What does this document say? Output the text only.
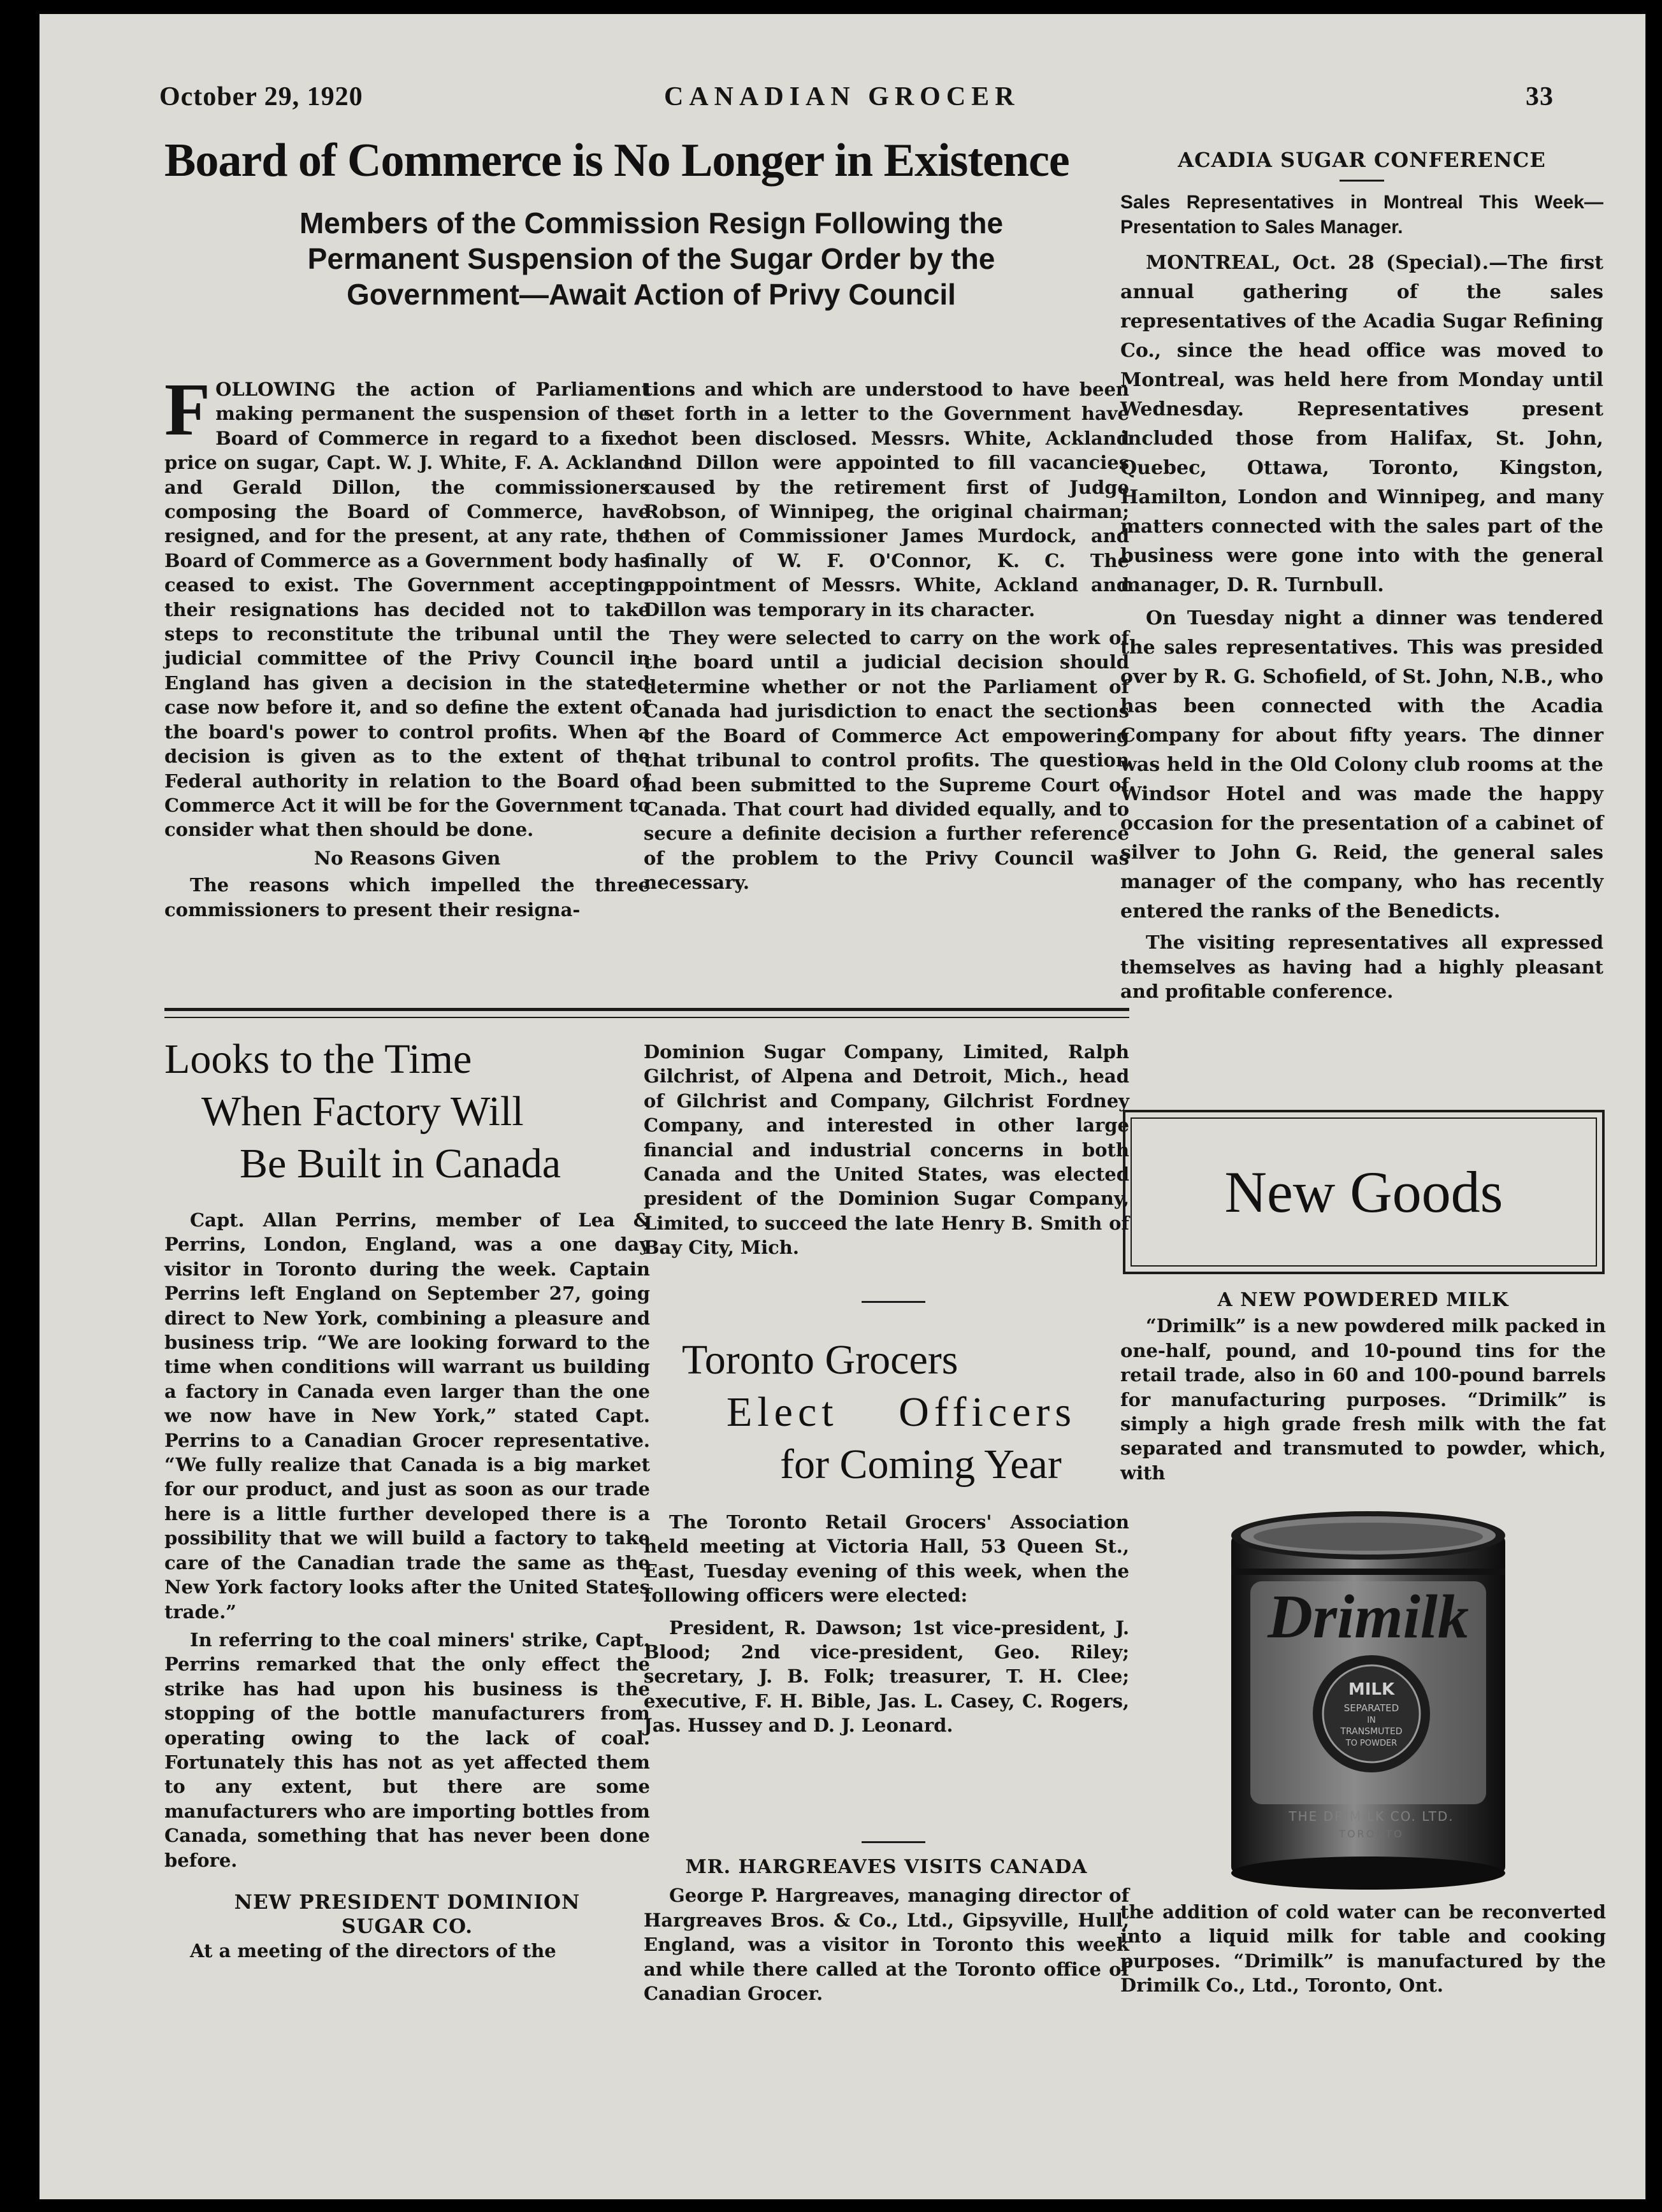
October 29, 1920	CANADIAN GROCER	33
Board of Commerce is No Longer in Existence
Members of the Commission Resign Following the Permanent Suspension of the Sugar Order by the Government—Await Action of Privy Council

FOLLOWING the action of Parliament making permanent the suspension of the Board of Commerce in regard to a fixed price on sugar, Capt. W. J. White, F. A. Ackland and Gerald Dillon, the commissioners composing the Board of Commerce, have resigned, and for the present, at any rate, the Board of Commerce as a Government body has ceased to exist. The Government accepting their resignations has decided not to take steps to reconstitute the tribunal until the judicial committee of the Privy Council in England has given a decision in the stated case now before it, and so define the extent of the board's power to control profits. When a decision is given as to the extent of the Federal authority in relation to the Board of Commerce Act it will be for the Government to consider what then should be done.

No Reasons Given

The reasons which impelled the three commissioners to present their resigna-

tions and which are understood to have been set forth in a letter to the Government have not been disclosed. Messrs. White, Ackland and Dillon were appointed to fill vacancies caused by the retirement first of Judge Robson, of Winnipeg, the original chairman; then of Commissioner James Murdock, and finally of W. F. O'Connor, K. C. The appointment of Messrs. White, Ackland and Dillon was temporary in its character.

They were selected to carry on the work of the board until a judicial decision should determine whether or not the Parliament of Canada had jurisdiction to enact the sections of the Board of Commerce Act empowering that tribunal to control profits. The question had been submitted to the Supreme Court of Canada. That court had divided equally, and to secure a definite decision a further reference of the problem to the Privy Council was necessary.

ACADIA SUGAR CONFERENCE

Sales Representatives in Montreal This Week—Presentation to Sales Manager.

MONTREAL, Oct. 28 (Special).—The first annual gathering of the sales representatives of the Acadia Sugar Refining Co., since the head office was moved to Montreal, was held here from Monday until Wednesday. Representatives present included those from Halifax, St. John, Quebec, Ottawa, Toronto, Kingston, Hamilton, London and Winnipeg, and many matters connected with the sales part of the business were gone into with the general manager, D. R. Turnbull.

On Tuesday night a dinner was tendered the sales representatives. This was presided over by R. G. Schofield, of St. John, N.B., who has been connected with the Acadia Company for about fifty years. The dinner was held in the Old Colony club rooms at the Windsor Hotel and was made the happy occasion for the presentation of a cabinet of silver to John G. Reid, the general sales manager of the company, who has recently entered the ranks of the Benedicts.

The visiting representatives all expressed themselves as having had a highly pleasant and profitable conference.

New Goods
A NEW POWDERED MILK

“Drimilk” is a new powdered milk packed in one-half, pound, and 10-pound tins for the retail trade, also in 60 and 100-pound barrels for manufacturing purposes. “Drimilk” is simply a high grade fresh milk with the fat separated and transmuted to powder, which, with

Drimilk
MILK
SEPARATED
IN
TRANSMUTED
TO POWDER
THE DRIMILK CO. LTD.
TORONTO

the addition of cold water can be reconverted into a liquid milk for table and cooking purposes. “Drimilk” is manufactured by the Drimilk Co., Ltd., Toronto, Ont.

Looks to the Time
When Factory Will
Be Built in Canada

Capt. Allan Perrins, member of Lea & Perrins, London, England, was a one day visitor in Toronto during the week. Captain Perrins left England on September 27, going direct to New York, combining a pleasure and business trip. “We are looking forward to the time when conditions will warrant us building a factory in Canada even larger than the one we now have in New York,” stated Capt. Perrins to a Canadian Grocer representative. “We fully realize that Canada is a big market for our product, and just as soon as our trade here is a little further developed there is a possibility that we will build a factory to take care of the Canadian trade the same as the New York factory looks after the United States trade.”

In referring to the coal miners' strike, Capt. Perrins remarked that the only effect the strike has had upon his business is the stopping of the bottle manufacturers from operating owing to the lack of coal. Fortunately this has not as yet affected them to any extent, but there are some manufacturers who are importing bottles from Canada, something that has never been done before.

NEW PRESIDENT DOMINION SUGAR CO.

At a meeting of the directors of the

Dominion Sugar Company, Limited, Ralph Gilchrist, of Alpena and Detroit, Mich., head of Gilchrist and Company, Gilchrist Fordney Company, and interested in other large financial and industrial concerns in both Canada and the United States, was elected president of the Dominion Sugar Company, Limited, to succeed the late Henry B. Smith of Bay City, Mich.

Toronto Grocers
Elect Officers
for Coming Year

The Toronto Retail Grocers' Association held meeting at Victoria Hall, 53 Queen St., East, Tuesday evening of this week, when the following officers were elected:

President, R. Dawson; 1st vice-president, J. Blood; 2nd vice-president, Geo. Riley; secretary, J. B. Folk; treasurer, T. H. Clee; executive, F. H. Bible, Jas. L. Casey, C. Rogers, Jas. Hussey and D. J. Leonard.

MR. HARGREAVES VISITS CANADA

George P. Hargreaves, managing director of Hargreaves Bros. & Co., Ltd., Gipsyville, Hull, England, was a visitor in Toronto this week and while there called at the Toronto office of Canadian Grocer.
